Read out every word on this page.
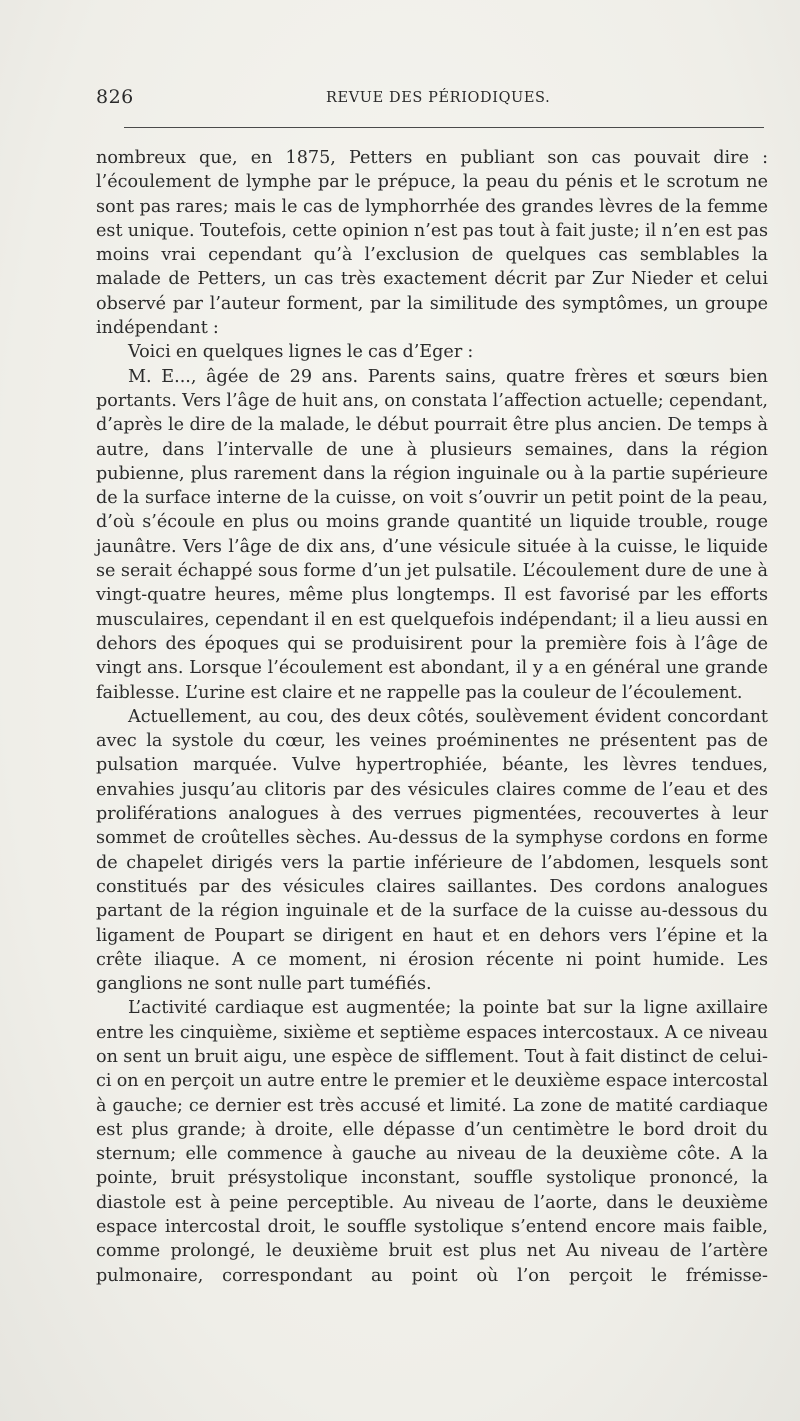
826	REVUE DES PÉRIODIQUES.

nombreux que, en 1875, Petters en publiant son cas pouvait dire : l’écoulement de lymphe par le prépuce, la peau du pénis et le scrotum ne sont pas rares; mais le cas de lymphorrhée des grandes lèvres de la femme est unique. Toutefois, cette opinion n’est pas tout à fait juste; il n’en est pas moins vrai cependant qu’à l’exclusion de quelques cas semblables la malade de Petters, un cas très exactement décrit par Zur Nieder et celui observé par l’auteur forment, par la similitude des symptômes, un groupe indépendant :

Voici en quelques lignes le cas d’Eger :

M. E..., âgée de 29 ans. Parents sains, quatre frères et sœurs bien portants. Vers l’âge de huit ans, on constata l’affection actuelle; cependant, d’après le dire de la malade, le début pourrait être plus ancien. De temps à autre, dans l’intervalle de une à plusieurs semaines, dans la région pubienne, plus rarement dans la région inguinale ou à la partie supérieure de la surface interne de la cuisse, on voit s’ouvrir un petit point de la peau, d’où s’écoule en plus ou moins grande quantité un liquide trouble, rouge jaunâtre. Vers l’âge de dix ans, d’une vésicule située à la cuisse, le liquide se serait échappé sous forme d’un jet pulsatile. L’écoulement dure de une à vingt-quatre heures, même plus longtemps. Il est favorisé par les efforts musculaires, cependant il en est quelquefois indépendant; il a lieu aussi en dehors des époques qui se produisirent pour la première fois à l’âge de vingt ans. Lorsque l’écoulement est abondant, il y a en général une grande faiblesse. L’urine est claire et ne rappelle pas la couleur de l’écoulement.

Actuellement, au cou, des deux côtés, soulèvement évident concordant avec la systole du cœur, les veines proéminentes ne présentent pas de pulsation marquée. Vulve hypertrophiée, béante, les lèvres tendues, envahies jusqu’au clitoris par des vésicules claires comme de l’eau et des proliférations analogues à des verrues pigmentées, recouvertes à leur sommet de croûtelles sèches. Au-dessus de la symphyse cordons en forme de chapelet dirigés vers la partie inférieure de l’abdomen, lesquels sont constitués par des vésicules claires saillantes. Des cordons analogues partant de la région inguinale et de la surface de la cuisse au-dessous du ligament de Poupart se dirigent en haut et en dehors vers l’épine et la crête iliaque. A ce moment, ni érosion récente ni point humide. Les ganglions ne sont nulle part tuméfiés.

L’activité cardiaque est augmentée; la pointe bat sur la ligne axillaire entre les cinquième, sixième et septième espaces intercostaux. A ce niveau on sent un bruit aigu, une espèce de sifflement. Tout à fait distinct de celui-ci on en perçoit un autre entre le premier et le deuxième espace intercostal à gauche; ce dernier est très accusé et limité. La zone de matité cardiaque est plus grande; à droite, elle dépasse d’un centimètre le bord droit du sternum; elle commence à gauche au niveau de la deuxième côte. A la pointe, bruit présystolique inconstant, souffle systolique prononcé, la diastole est à peine perceptible. Au niveau de l’aorte, dans le deuxième espace intercostal droit, le souffle systolique s’entend encore mais faible, comme prolongé, le deuxième bruit est plus net Au niveau de l’artère pulmonaire, correspondant au point où l’on perçoit le frémisse-
